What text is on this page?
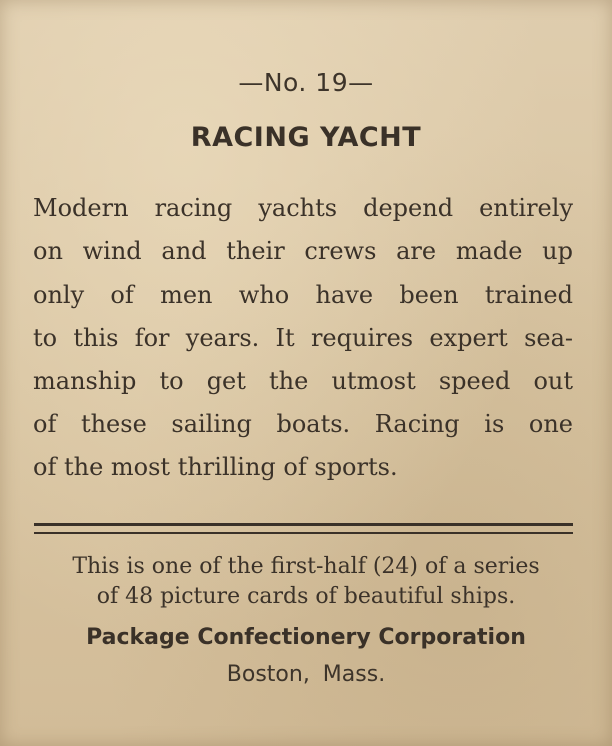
—No. 19—
RACING YACHT
Modern racing yachts depend entirely
on wind and their crews are made up
only of men who have been trained
to this for years. It requires expert sea-
manship to get the utmost speed out
of these sailing boats. Racing is one
of the most thrilling of sports.
This is one of the first-half (24) of a series
of 48 picture cards of beautiful ships.
Package Confectionery Corporation
Boston, Mass.
